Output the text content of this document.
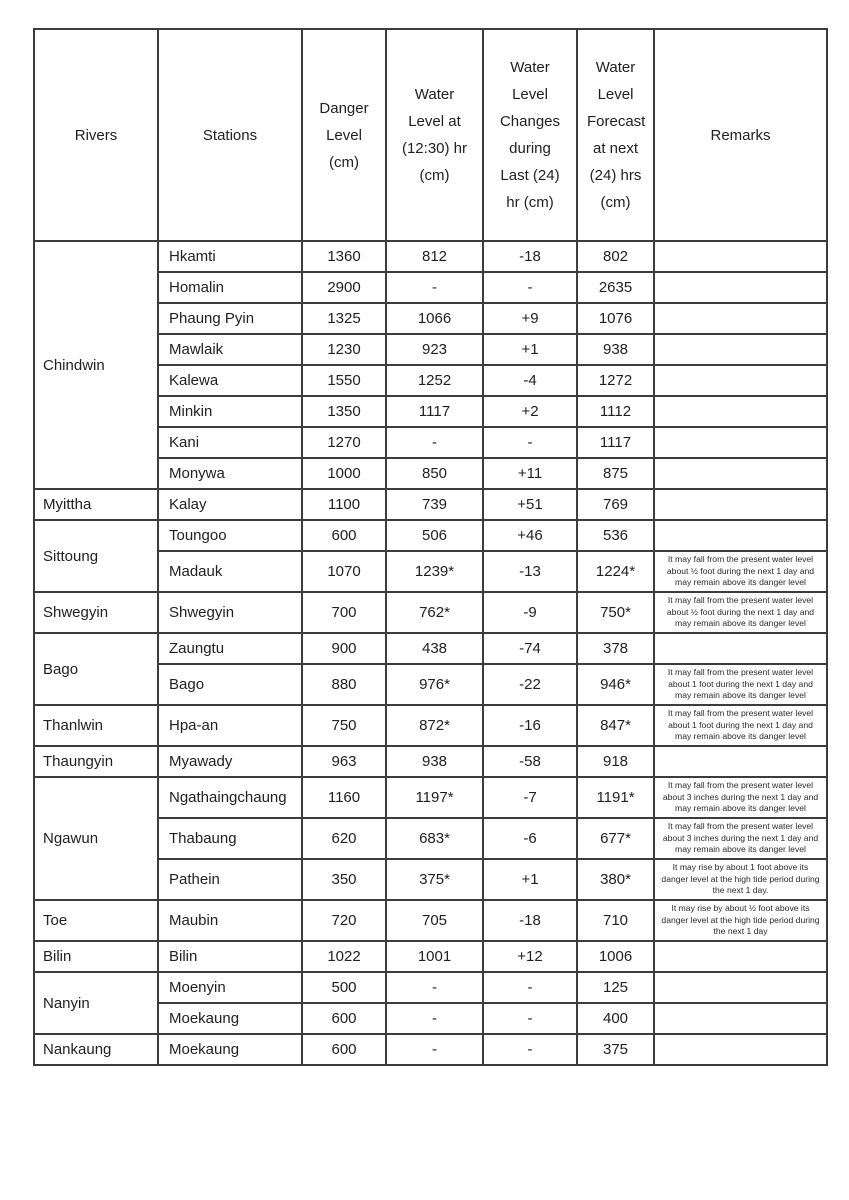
Rivers	Stations	Danger Level (cm)	Water Level at (12:30) hr (cm)	Water Level Changes during Last (24) hr (cm)	Water Level Forecast at next (24) hrs (cm)	Remarks
Chindwin	Hkamti	1360	812	-18	802	
	Homalin	2900	-	-	2635	
	Phaung Pyin	1325	1066	+9	1076	
	Mawlaik	1230	923	+1	938	
	Kalewa	1550	1252	-4	1272	
	Minkin	1350	1117	+2	1112	
	Kani	1270	-	-	1117	
	Monywa	1000	850	+11	875	
Myittha	Kalay	1100	739	+51	769	
Sittoung	Toungoo	600	506	+46	536	
	Madauk	1070	1239*	-13	1224*	It may fall from the present water level about ½ foot during the next 1 day and may remain above its danger level
Shwegyin	Shwegyin	700	762*	-9	750*	It may fall from the present water level about ½ foot during the next 1 day and may remain above its danger level
Bago	Zaungtu	900	438	-74	378	
	Bago	880	976*	-22	946*	It may fall from the present water level about 1 foot during the next 1 day and may remain above its danger level
Thanlwin	Hpa-an	750	872*	-16	847*	It may fall from the present water level about 1 foot during the next 1 day and may remain above its danger level
Thaungyin	Myawady	963	938	-58	918	
Ngawun	Ngathaingchaung	1160	1197*	-7	1191*	It may fall from the present water level about 3 inches during the next 1 day and may remain above its danger level
	Thabaung	620	683*	-6	677*	It may fall from the present water level about 3 inches during the next 1 day and may remain above its danger level
	Pathein	350	375*	+1	380*	It may rise by about 1 foot above its danger level at the high tide period during the next 1 day.
Toe	Maubin	720	705	-18	710	It may rise by about ½ foot above its danger level at the high tide period during the next 1 day
Bilin	Bilin	1022	1001	+12	1006	
Nanyin	Moenyin	500	-	-	125	
	Moekaung	600	-	-	400	
Nankaung	Moekaung	600	-	-	375	
